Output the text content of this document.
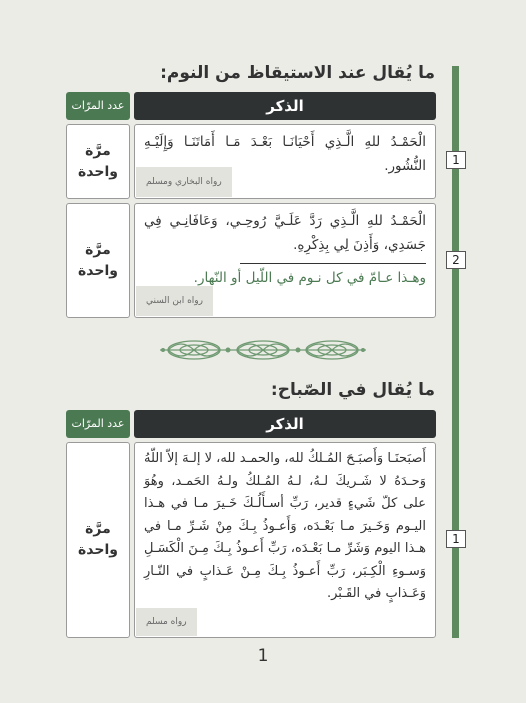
ما يُقال عند الاستيقاظ من النوم:
الذكر
عدد المرّات
الْحَمْـدُ للهِ الَّـذِي أَحْيَانَـا بَعْـدَ مَـا أَمَاتَنَـا وَإِلَيْـهِ النُّشُور.
رواه البخاري ومسلم
مرَّة واحدة
1
الْحَمْـدُ للهِ الَّـذِي رَدَّ عَلَـيَّ رُوحِـي، وَعَافَانِـي فِي جَسَدِي، وَأَذِنَ لِي بِذِكْرِهِ.
وهـذا عـامّ في كل نـوم في اللّيل أو النّهار.
رواه ابن السني
مرَّة واحدة
2
ما يُقال في الصّباح:
الذكر
عدد المرّات
أَصبَحنَـا وَأَصبَـحَ المُـلكُ لله، والحمـد لله، لا إلـهَ إلاّ اللّهُ وَحـدَهُ لا شَـريكَ لـهُ، لـهُ المُـلكُ ولـهُ الحَمـد، وهُوَ على كلّ شَيءٍ قدير، رَبِّ أسـأَلُـكَ خَـيرَ مـا في هـذا اليـوم وَخَـيرَ مـا بَعْـدَه، وَأَعـوذُ بِـكَ مِنْ شَـرِّ مـا في هـذا اليوم وَشَرِّ مـا بَعْـدَه، رَبِّ أَعـوذُ بِـكَ مِـنَ الْكَسَـلِ وَسـوءِ الْكِـبَر، رَبِّ أَعـوذُ بِـكَ مِـنْ عَـذابٍ في النّـارِ وَعَـذابٍ في القَـبْر.
رواه مسلم
مرَّة واحدة
1
1
